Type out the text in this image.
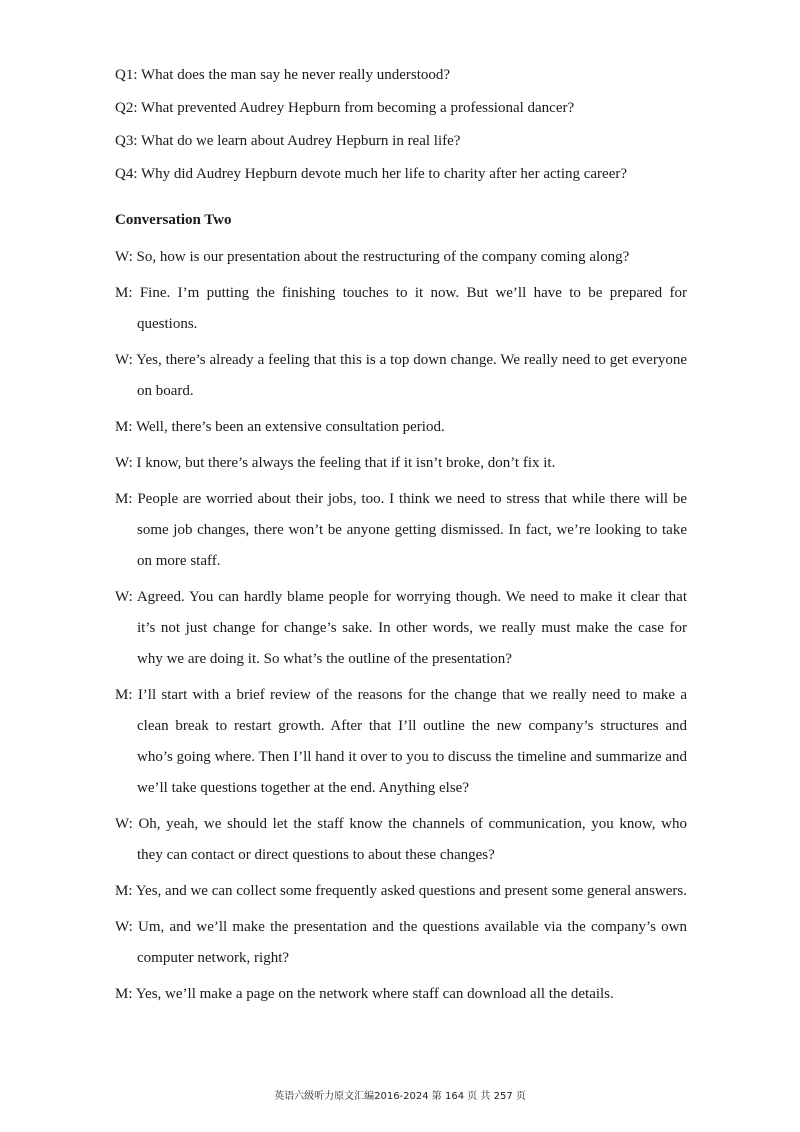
Q1: What does the man say he never really understood?

Q2: What prevented Audrey Hepburn from becoming a professional dancer?

Q3: What do we learn about Audrey Hepburn in real life?

Q4: Why did Audrey Hepburn devote much her life to charity after her acting career?

Conversation Two
W: So, how is our presentation about the restructuring of the company coming along?
M: Fine. I’m putting the finishing touches to it now. But we’ll have to be prepared for questions.
W: Yes, there’s already a feeling that this is a top down change. We really need to get everyone on board.
M: Well, there’s been an extensive consultation period.
W: I know, but there’s always the feeling that if it isn’t broke, don’t fix it.
M: People are worried about their jobs, too. I think we need to stress that while there will be some job changes, there won’t be anyone getting dismissed. In fact, we’re looking to take on more staff.
W: Agreed. You can hardly blame people for worrying though. We need to make it clear that it’s not just change for change’s sake. In other words, we really must make the case for why we are doing it. So what’s the outline of the presentation?
M: I’ll start with a brief review of the reasons for the change that we really need to make a clean break to restart growth. After that I’ll outline the new company’s structures and who’s going where. Then I’ll hand it over to you to discuss the timeline and summarize and we’ll take questions together at the end. Anything else?
W: Oh, yeah, we should let the staff know the channels of communication, you know, who they can contact or direct questions to about these changes?
M: Yes, and we can collect some frequently asked questions and present some general answers.
W: Um, and we’ll make the presentation and the questions available via the company’s own computer network, right?
M: Yes, we’ll make a page on the network where staff can download all the details.
英语六级听力原文汇编2016-2024 第 164 页 共 257 页
